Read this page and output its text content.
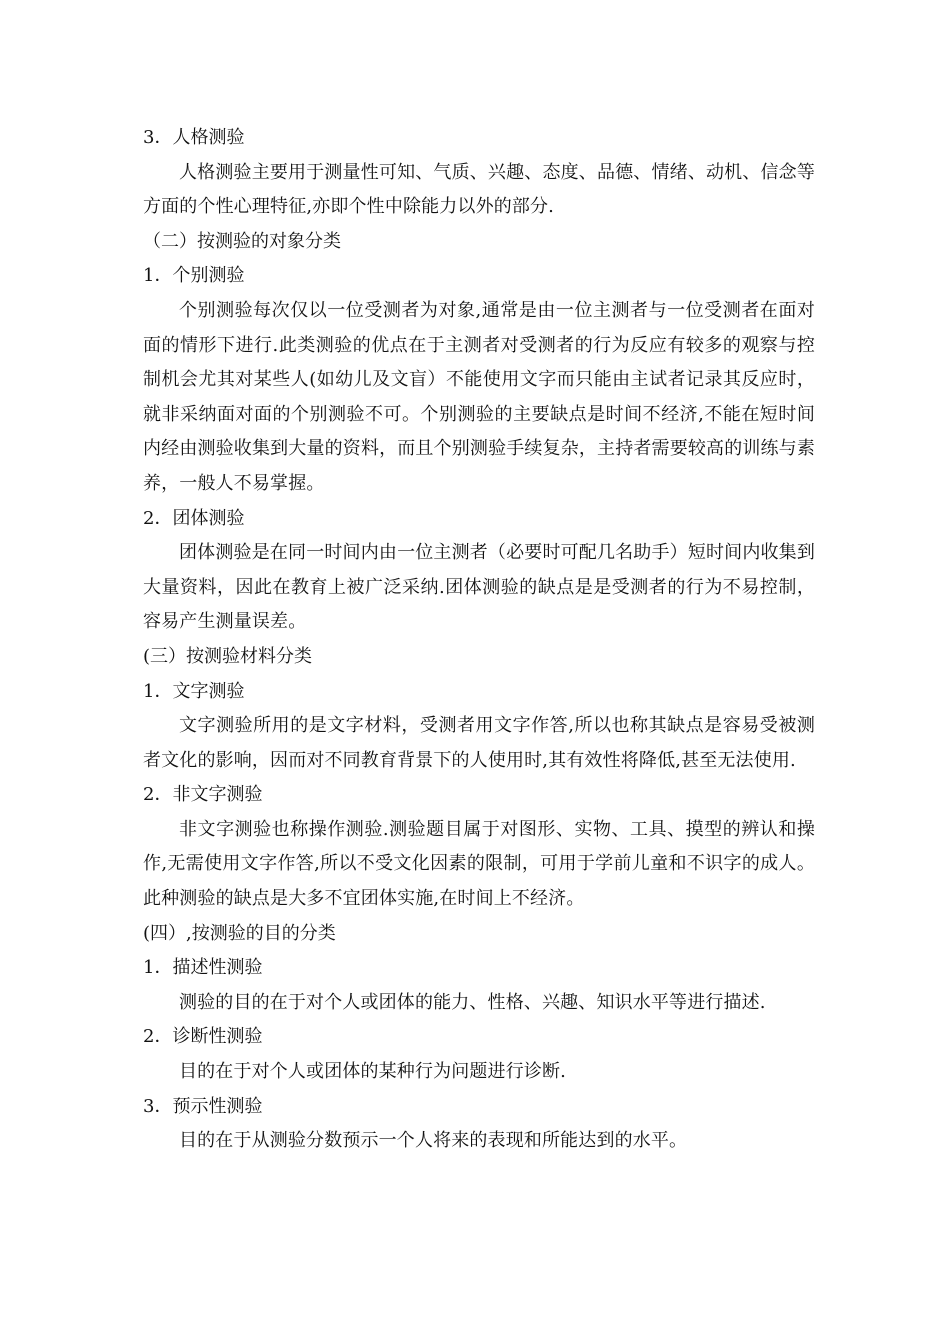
3．人格测验
人格测验主要用于测量性可知、气质、兴趣、态度、品德、情绪、动机、信念等方面的个性心理特征,亦即个性中除能力以外的部分.
（二）按测验的对象分类
1．个别测验
个别测验每次仅以一位受测者为对象,通常是由一位主测者与一位受测者在面对面的情形下进行.此类测验的优点在于主测者对受测者的行为反应有较多的观察与控制机会尤其对某些人(如幼儿及文盲）不能使用文字而只能由主试者记录其反应时，就非采纳面对面的个别测验不可。个别测验的主要缺点是时间不经济,不能在短时间内经由测验收集到大量的资料，而且个别测验手续复杂，主持者需要较高的训练与素养，一般人不易掌握。
2．团体测验
团体测验是在同一时间内由一位主测者（必要时可配几名助手）短时间内收集到大量资料，因此在教育上被广泛采纳.团体测验的缺点是是受测者的行为不易控制，容易产生测量误差。
(三）按测验材料分类
1．文字测验
文字测验所用的是文字材料，受测者用文字作答,所以也称其缺点是容易受被测者文化的影响，因而对不同教育背景下的人使用时,其有效性将降低,甚至无法使用.
2．非文字测验
非文字测验也称操作测验.测验题目属于对图形、实物、工具、摸型的辨认和操作,无需使用文字作答,所以不受文化因素的限制，可用于学前儿童和不识字的成人。此种测验的缺点是大多不宜团体实施,在时间上不经济。
(四）,按测验的目的分类
1．描述性测验
测验的目的在于对个人或团体的能力、性格、兴趣、知识水平等进行描述.
2．诊断性测验
目的在于对个人或团体的某种行为问题进行诊断.
3．预示性测验
目的在于从测验分数预示一个人将来的表现和所能达到的水平。
